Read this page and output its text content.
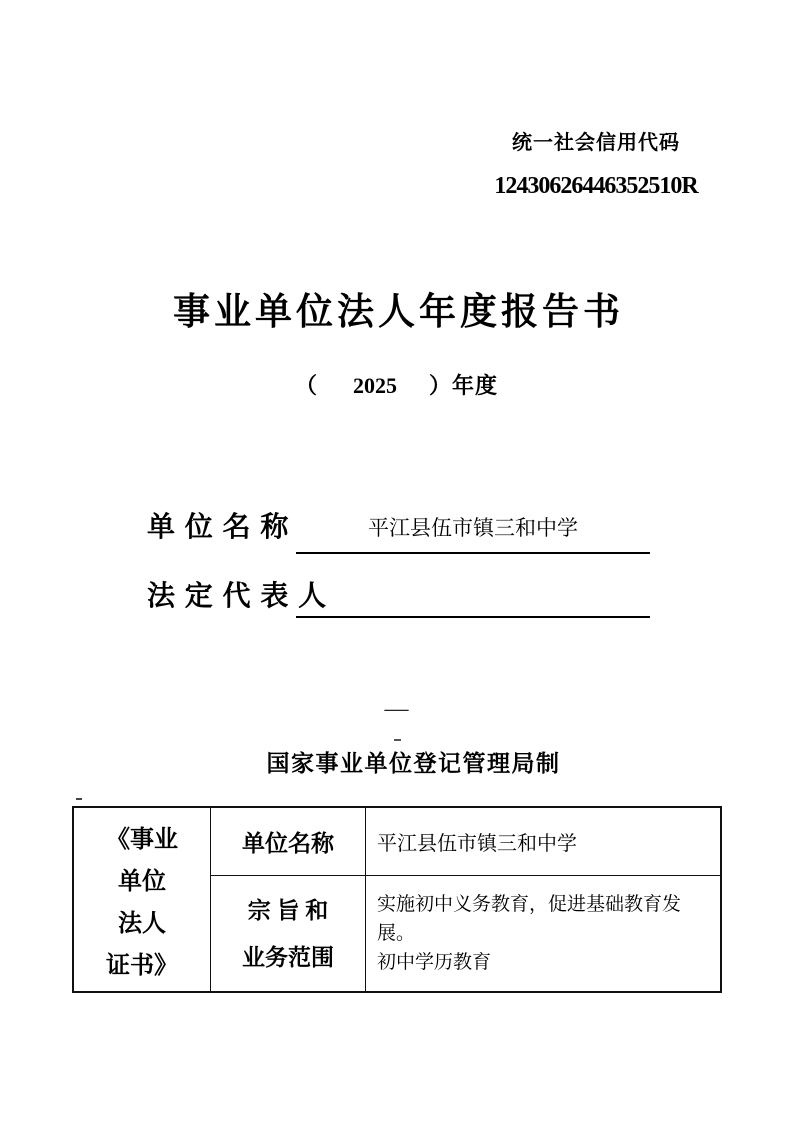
统一社会信用代码
12430626446352510R
事业单位法人年度报告书
（ 2025 ） 年度
单 位 名 称	平江县伍市镇三和中学
法 定 代 表 人
—
国家事业单位登记管理局制
《事业
单位
法人
证书》
单位名称	平江县伍市镇三和中学
宗 旨 和
业务范围
实施初中义务教育，促进基础教育发展。
初中学历教育
